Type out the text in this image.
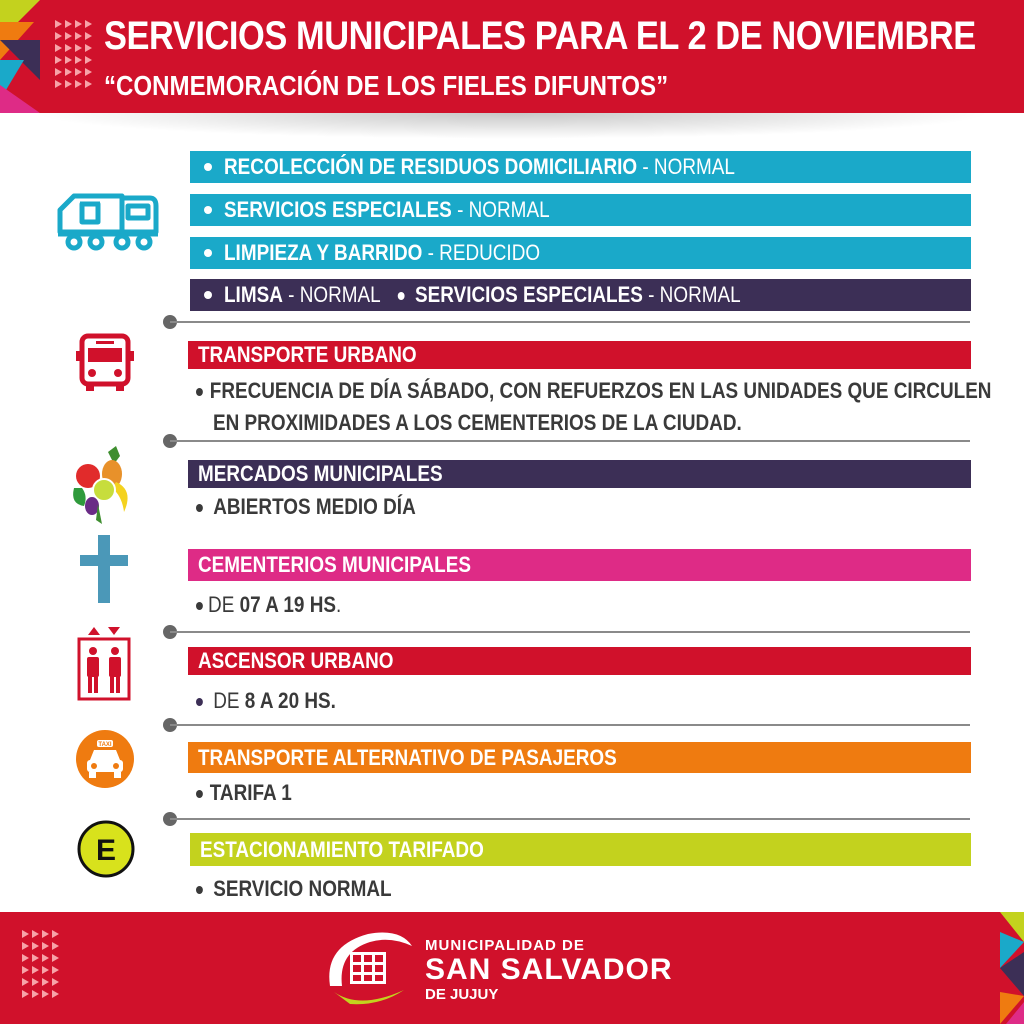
SERVICIOS MUNICIPALES PARA EL 2 DE NOVIEMBRE
“CONMEMORACIÓN DE LOS FIELES DIFUNTOS”
RECOLECCIÓN DE RESIDUOS DOMICILIARIO - NORMAL
SERVICIOS ESPECIALES - NORMAL
LIMPIEZA Y BARRIDO - REDUCIDO
LIMSA - NORMAL SERVICIOS ESPECIALES - NORMAL
TRANSPORTE URBANO
FRECUENCIA DE DÍA SÁBADO, CON REFUERZOS EN LAS UNIDADES QUE CIRCULEN
EN PROXIMIDADES A LOS CEMENTERIOS DE LA CIUDAD.
MERCADOS MUNICIPALES
ABIERTOS MEDIO DÍA
CEMENTERIOS MUNICIPALES
DE 07 A 19 HS.
ASCENSOR URBANO
DE 8 A 20 HS.
TAXI	TRANSPORTE ALTERNATIVO DE PASAJEROS
TARIFA 1
E	ESTACIONAMIENTO TARIFADO
SERVICIO NORMAL
MUNICIPALIDAD DE
SAN SALVADOR
DE JUJUY
